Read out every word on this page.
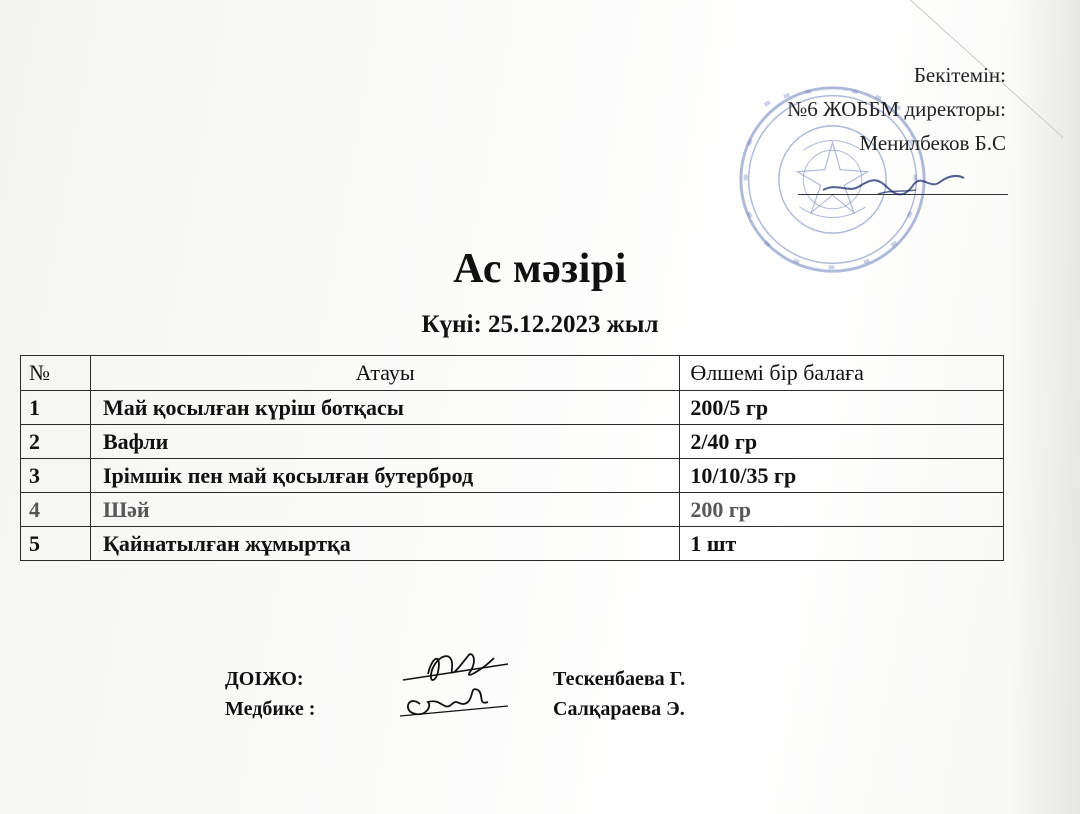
Бекітемін:
№6 ЖОББМ директоры:
Менилбеков Б.С
Ас мәзірі
Күні: 25.12.2023 жыл
№	Атауы	Өлшемі бір балаға
1	Май қосылған күріш ботқасы	200/5 гр
2	Вафли	2/40 гр
3	Ірімшік пен май қосылған бутерброд	10/10/35 гр
4	Шәй	200 гр
5	Қайнатылған жұмыртқа	1 шт
ДОІЖО:	Тескенбаева Г.
Медбике :	Салқараева Э.
